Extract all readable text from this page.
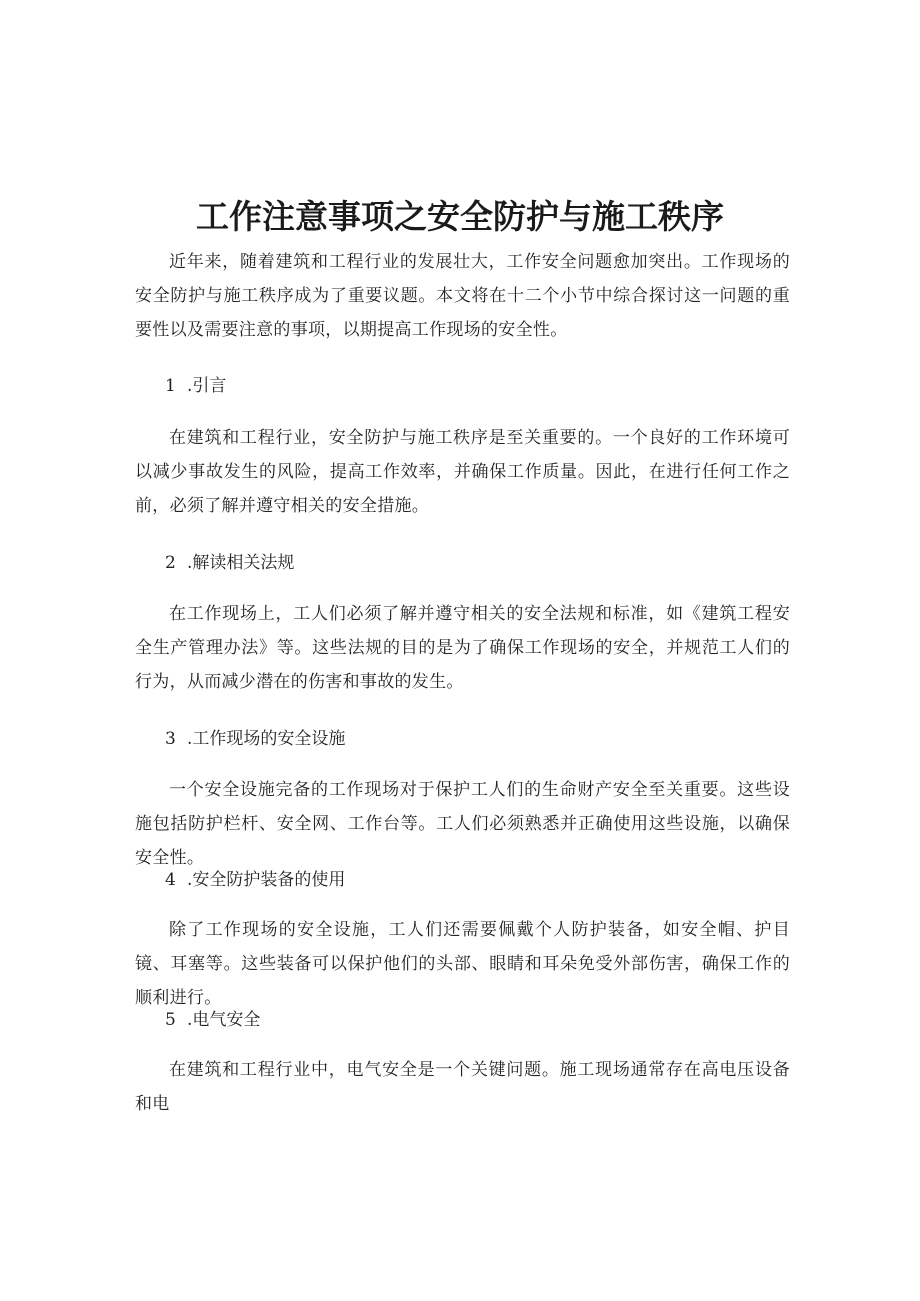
工作注意事项之安全防护与施工秩序

近年来，随着建筑和工程行业的发展壮大，工作安全问题愈加突出。工作现场的安全防护与施工秩序成为了重要议题。本文将在十二个小节中综合探讨这一问题的重要性以及需要注意的事项，以期提高工作现场的安全性。

1 .引言

在建筑和工程行业，安全防护与施工秩序是至关重要的。一个良好的工作环境可以减少事故发生的风险，提高工作效率，并确保工作质量。因此，在进行任何工作之前，必须了解并遵守相关的安全措施。

2 .解读相关法规

在工作现场上，工人们必须了解并遵守相关的安全法规和标准，如《建筑工程安全生产管理办法》等。这些法规的目的是为了确保工作现场的安全，并规范工人们的行为，从而减少潜在的伤害和事故的发生。

3 .工作现场的安全设施

一个安全设施完备的工作现场对于保护工人们的生命财产安全至关重要。这些设施包括防护栏杆、安全网、工作台等。工人们必须熟悉并正确使用这些设施，以确保安全性。

4 .安全防护装备的使用

除了工作现场的安全设施，工人们还需要佩戴个人防护装备，如安全帽、护目镜、耳塞等。这些装备可以保护他们的头部、眼睛和耳朵免受外部伤害，确保工作的顺利进行。

5 .电气安全

在建筑和工程行业中，电气安全是一个关键问题。施工现场通常存在高电压设备和电
